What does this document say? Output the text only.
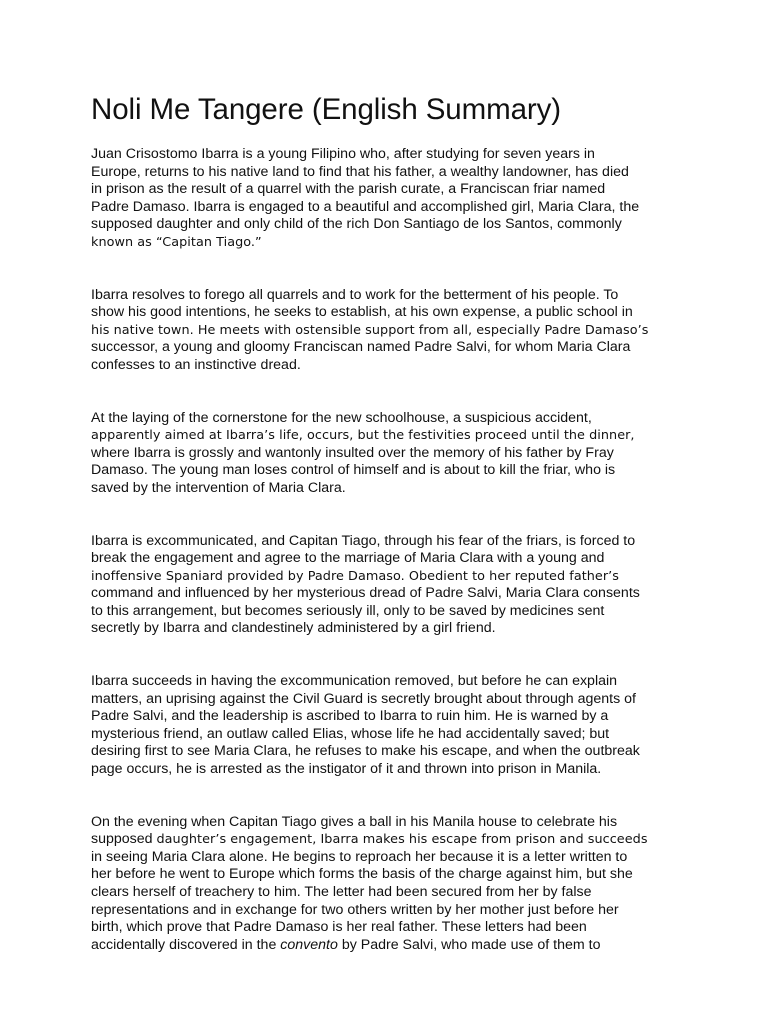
Noli Me Tangere (English Summary)
Juan Crisostomo Ibarra is a young Filipino who, after studying for seven years in
Europe, returns to his native land to find that his father, a wealthy landowner, has died
in prison as the result of a quarrel with the parish curate, a Franciscan friar named
Padre Damaso. Ibarra is engaged to a beautiful and accomplished girl, Maria Clara, the
supposed daughter and only child of the rich Don Santiago de los Santos, commonly
known as “Capitan Tiago.”
Ibarra resolves to forego all quarrels and to work for the betterment of his people. To
show his good intentions, he seeks to establish, at his own expense, a public school in
his native town. He meets with ostensible support from all, especially Padre Damaso’s
successor, a young and gloomy Franciscan named Padre Salvi, for whom Maria Clara
confesses to an instinctive dread.
At the laying of the cornerstone for the new schoolhouse, a suspicious accident,
apparently aimed at Ibarra’s life, occurs, but the festivities proceed until the dinner,
where Ibarra is grossly and wantonly insulted over the memory of his father by Fray
Damaso. The young man loses control of himself and is about to kill the friar, who is
saved by the intervention of Maria Clara.
Ibarra is excommunicated, and Capitan Tiago, through his fear of the friars, is forced to
break the engagement and agree to the marriage of Maria Clara with a young and
inoffensive Spaniard provided by Padre Damaso. Obedient to her reputed father’s
command and influenced by her mysterious dread of Padre Salvi, Maria Clara consents
to this arrangement, but becomes seriously ill, only to be saved by medicines sent
secretly by Ibarra and clandestinely administered by a girl friend.
Ibarra succeeds in having the excommunication removed, but before he can explain
matters, an uprising against the Civil Guard is secretly brought about through agents of
Padre Salvi, and the leadership is ascribed to Ibarra to ruin him. He is warned by a
mysterious friend, an outlaw called Elias, whose life he had accidentally saved; but
desiring first to see Maria Clara, he refuses to make his escape, and when the outbreak
page occurs, he is arrested as the instigator of it and thrown into prison in Manila.
On the evening when Capitan Tiago gives a ball in his Manila house to celebrate his
supposed daughter’s engagement, Ibarra makes his escape from prison and succeeds
in seeing Maria Clara alone. He begins to reproach her because it is a letter written to
her before he went to Europe which forms the basis of the charge against him, but she
clears herself of treachery to him. The letter had been secured from her by false
representations and in exchange for two others written by her mother just before her
birth, which prove that Padre Damaso is her real father. These letters had been
accidentally discovered in the convento by Padre Salvi, who made use of them to
